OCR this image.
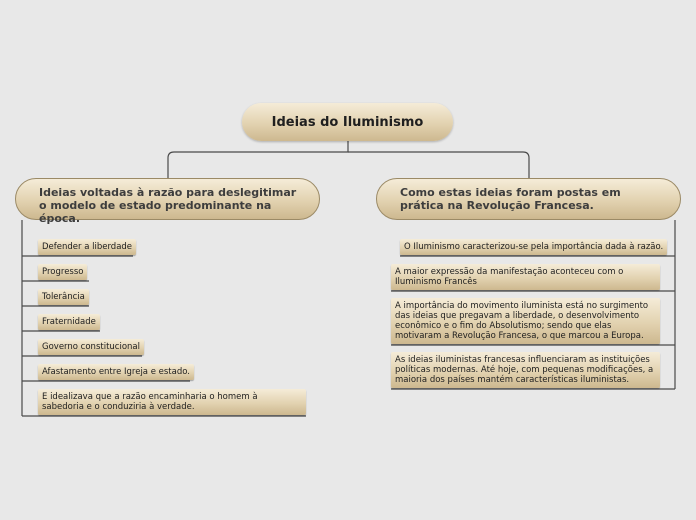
Ideias do Iluminismo
Ideias voltadas à razão para deslegitimar o modelo de estado predominante na época.
Como estas ideias foram postas em prática na Revolução Francesa.
Defender a liberdade
Progresso
Tolerância
Fraternidade
Governo constitucional
Afastamento entre Igreja e estado.
E idealizava que a razão encaminharia o homem à sabedoria e o conduziria à verdade.
O Iluminismo caracterizou-se pela importância dada à razão.
A maior expressão da manifestação aconteceu com o Iluminismo Francês
A importância do movimento iluminista está no surgimento das ideias que pregavam a liberdade, o desenvolvimento econômico e o fim do Absolutismo; sendo que elas motivaram a Revolução Francesa, o que marcou a Europa.
As ideias iluministas francesas influenciaram as instituições políticas modernas. Até hoje, com pequenas modificações, a maioria dos países mantém características iluministas.
